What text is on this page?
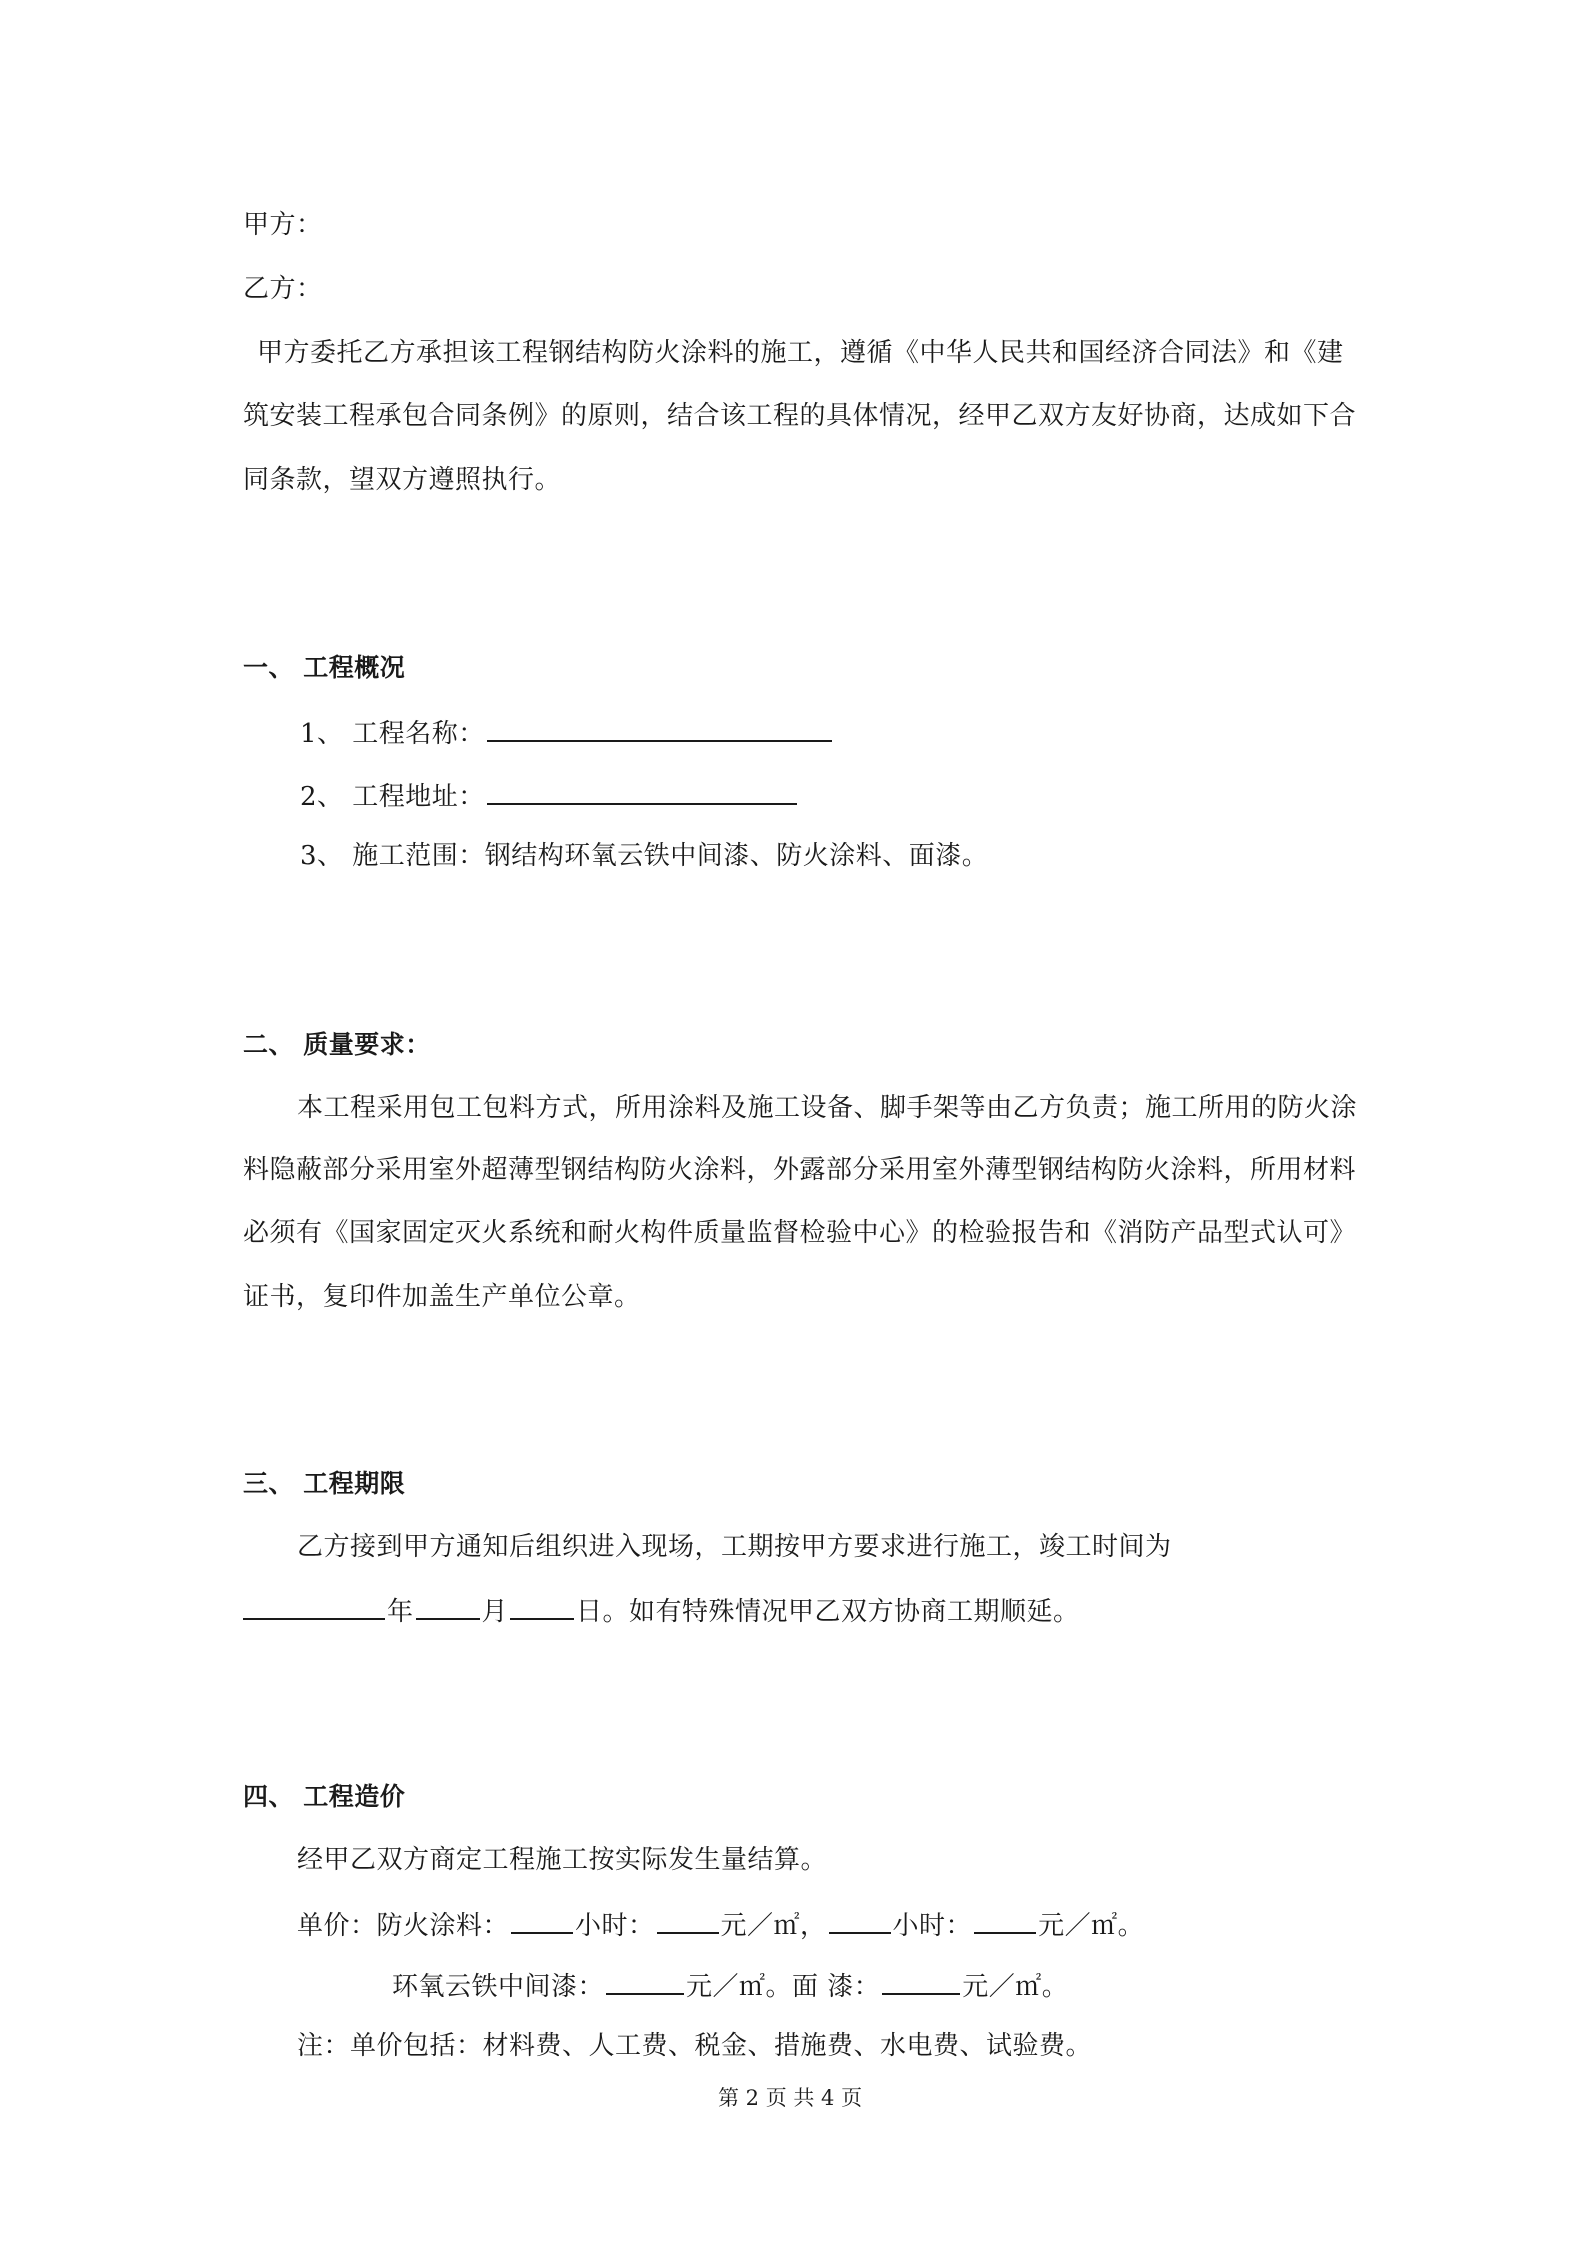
甲方：
乙方：
甲方委托乙方承担该工程钢结构防火涂料的施工，遵循《中华人民共和国经济合同法》和《建
筑安装工程承包合同条例》的原则，结合该工程的具体情况，经甲乙双方友好协商，达成如下合
同条款，望双方遵照执行。
一、 工程概况
1、 工程名称：
2、 工程地址：
3、 施工范围：钢结构环氧云铁中间漆、防火涂料、面漆。
二、 质量要求：
本工程采用包工包料方式，所用涂料及施工设备、脚手架等由乙方负责；施工所用的防火涂
料隐蔽部分采用室外超薄型钢结构防火涂料，外露部分采用室外薄型钢结构防火涂料，所用材料
必须有《国家固定灭火系统和耐火构件质量监督检验中心》的检验报告和《消防产品型式认可》
证书，复印件加盖生产单位公章。
三、 工程期限
乙方接到甲方通知后组织进入现场，工期按甲方要求进行施工，竣工时间为
年	月	日。如有特殊情况甲乙双方协商工期顺延。
四、 工程造价
经甲乙双方商定工程施工按实际发生量结算。
单价：防火涂料：	小时：	元／㎡，	小时：	元／㎡。
环氧云铁中间漆：	元／㎡。面 漆：	元／㎡。
注：单价包括：材料费、人工费、税金、措施费、水电费、试验费。
第 2 页 共 4 页
